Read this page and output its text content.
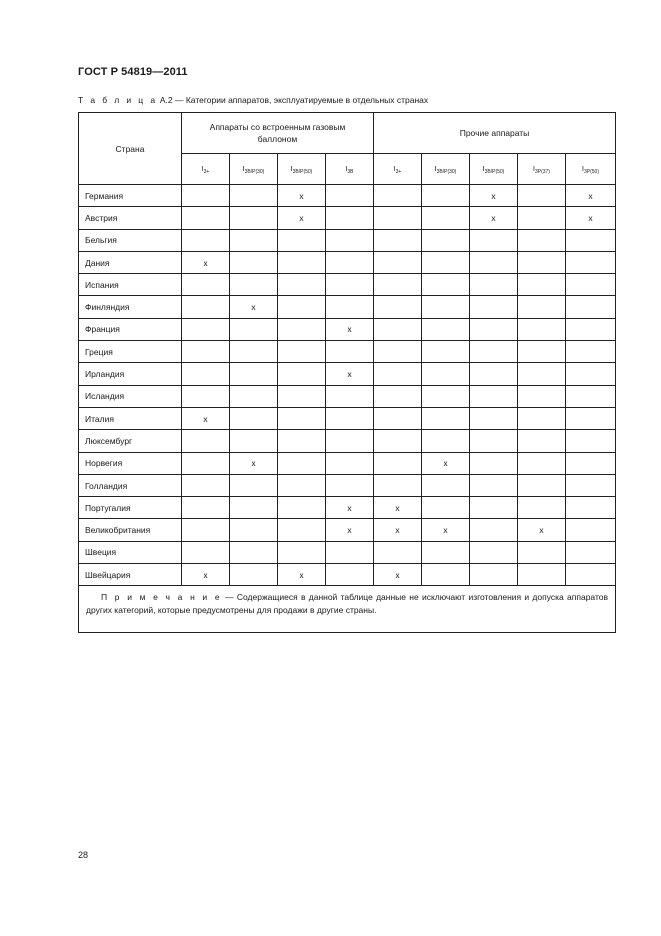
ГОСТ Р 54819—2011
Т а б л и ц а А.2 — Категории аппаратов, эксплуатируемые в отдельных странах
Страна	Аппараты со встроенным газовым баллоном				Прочие аппараты				
	$I_{3+}$	$I_{3B/P(30)}$	$I_{3B/P(50)}$	$I_{3B}$	$I_{3+}$	$I_{3B/P(30)}$	$I_{3B/P(50)}$	$I_{3P(37)}$	$I_{3P(50)}$
Германия			x				x		x
Австрия			x				x		x
Бельгия									
Дания	x								
Испания									
Финляндия		x							
Франция				x					
Греция									
Ирландия				x					
Исландия									
Италия	x								
Люксембург									
Норвегия		x				x			
Голландия									
Португалия				x	x				
Великобритания				x	x	x		x	
Швеция									
Швейцария	x		x		x				
П р и м е ч а н и е — Содержащиеся в данной таблице данные не исключают изготовления и допуска аппаратов других категорий, которые предусмотрены для продажи в другие страны.									
28
